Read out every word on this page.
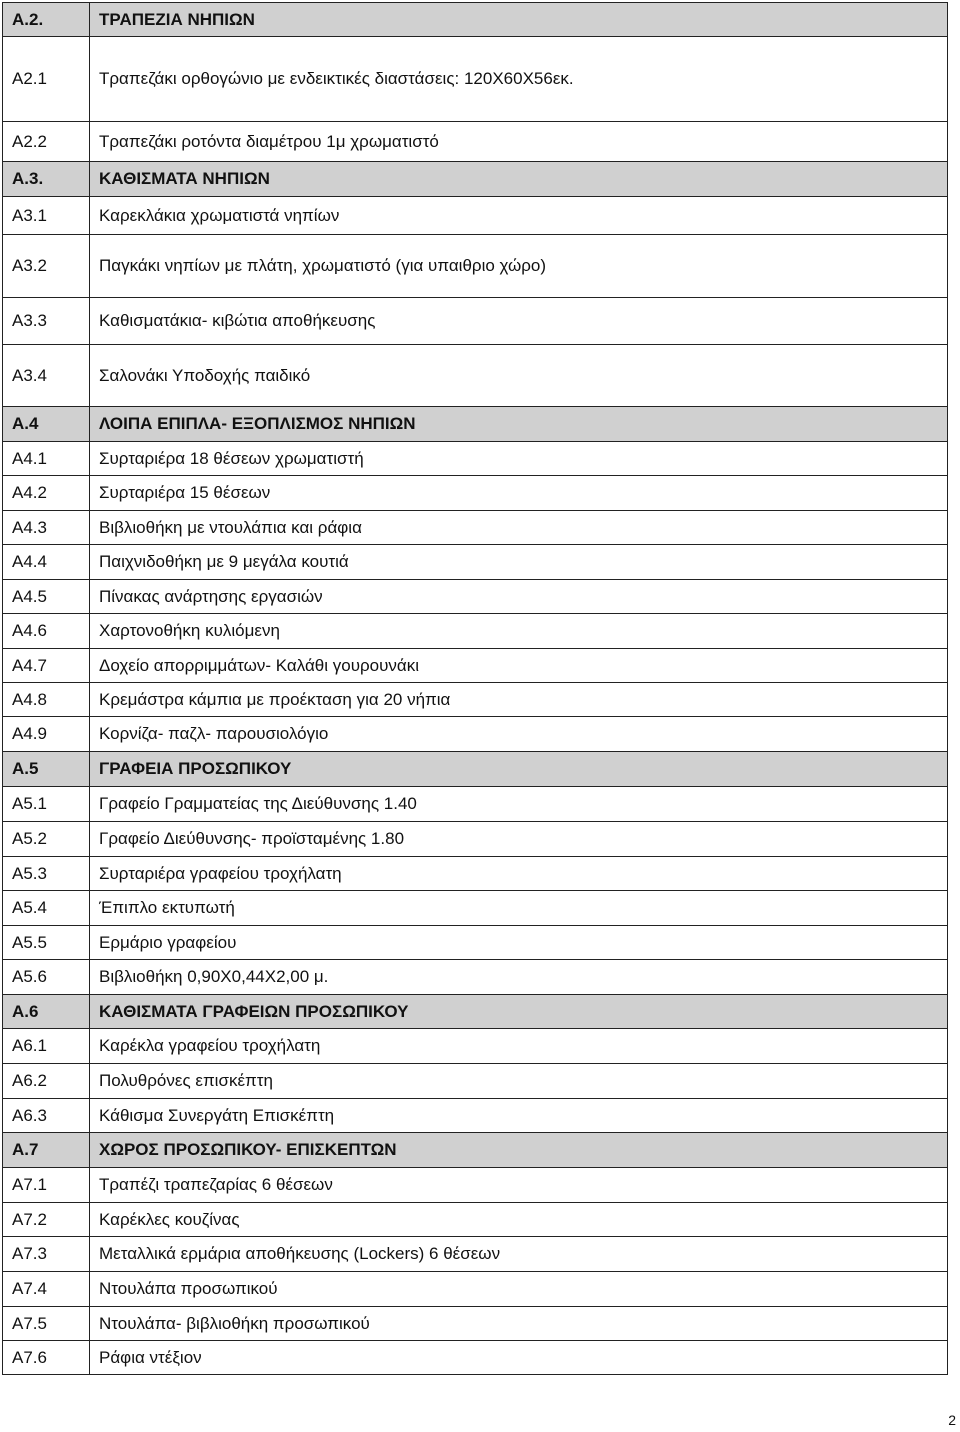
Α.2.	ΤΡΑΠΕΖΙΑ ΝΗΠΙΩΝ
Α2.1	Τραπεζάκι ορθογώνιο με ενδεικτικές διαστάσεις: 120Χ60Χ56εκ.
Α2.2	Τραπεζάκι ροτόντα διαμέτρου 1μ χρωματιστό
Α.3.	ΚΑΘΙΣΜΑΤΑ ΝΗΠΙΩΝ
Α3.1	Καρεκλάκια χρωματιστά νηπίων
Α3.2	Παγκάκι νηπίων με πλάτη, χρωματιστό (για υπαιθριο χώρο)
Α3.3	Καθισματάκια- κιβώτια αποθήκευσης
Α3.4	Σαλονάκι Υποδοχής παιδικό
Α.4	ΛΟΙΠΑ ΕΠΙΠΛΑ- ΕΞΟΠΛΙΣΜΟΣ ΝΗΠΙΩΝ
Α4.1	Συρταριέρα 18 θέσεων χρωματιστή
Α4.2	Συρταριέρα 15 θέσεων
Α4.3	Βιβλιοθήκη με ντουλάπια και ράφια
Α4.4	Παιχνιδοθήκη με 9 μεγάλα κουτιά
Α4.5	Πίνακας ανάρτησης εργασιών
Α4.6	Χαρτονοθήκη κυλιόμενη
Α4.7	Δοχείο απορριμμάτων- Καλάθι γουρουνάκι
Α4.8	Κρεμάστρα κάμπια με προέκταση για 20 νήπια
Α4.9	Κορνίζα- παζλ- παρουσιολόγιο
Α.5	ΓΡΑΦΕΙΑ ΠΡΟΣΩΠΙΚΟΥ
Α5.1	Γραφείο Γραμματείας της Διεύθυνσης 1.40
Α5.2	Γραφείο Διεύθυνσης- προϊσταμένης 1.80
Α5.3	Συρταριέρα γραφείου τροχήλατη
Α5.4	Έπιπλο εκτυπωτή
Α5.5	Ερμάριο γραφείου
Α5.6	Βιβλιοθήκη 0,90Χ0,44Χ2,00 μ.
Α.6	ΚΑΘΙΣΜΑΤΑ ΓΡΑΦΕΙΩΝ ΠΡΟΣΩΠΙΚΟΥ
Α6.1	Καρέκλα γραφείου τροχήλατη
Α6.2	Πολυθρόνες επισκέπτη
Α6.3	Κάθισμα Συνεργάτη Επισκέπτη
Α.7	ΧΩΡΟΣ ΠΡΟΣΩΠΙΚΟΥ- ΕΠΙΣΚΕΠΤΩΝ
Α7.1	Τραπέζι τραπεζαρίας 6 θέσεων
Α7.2	Καρέκλες κουζίνας
Α7.3	Μεταλλικά ερμάρια αποθήκευσης (Lockers) 6 θέσεων
Α7.4	Ντουλάπα προσωπικού
Α7.5	Ντουλάπα- βιβλιοθήκη προσωπικού
Α7.6	Ράφια ντέξιον
2
